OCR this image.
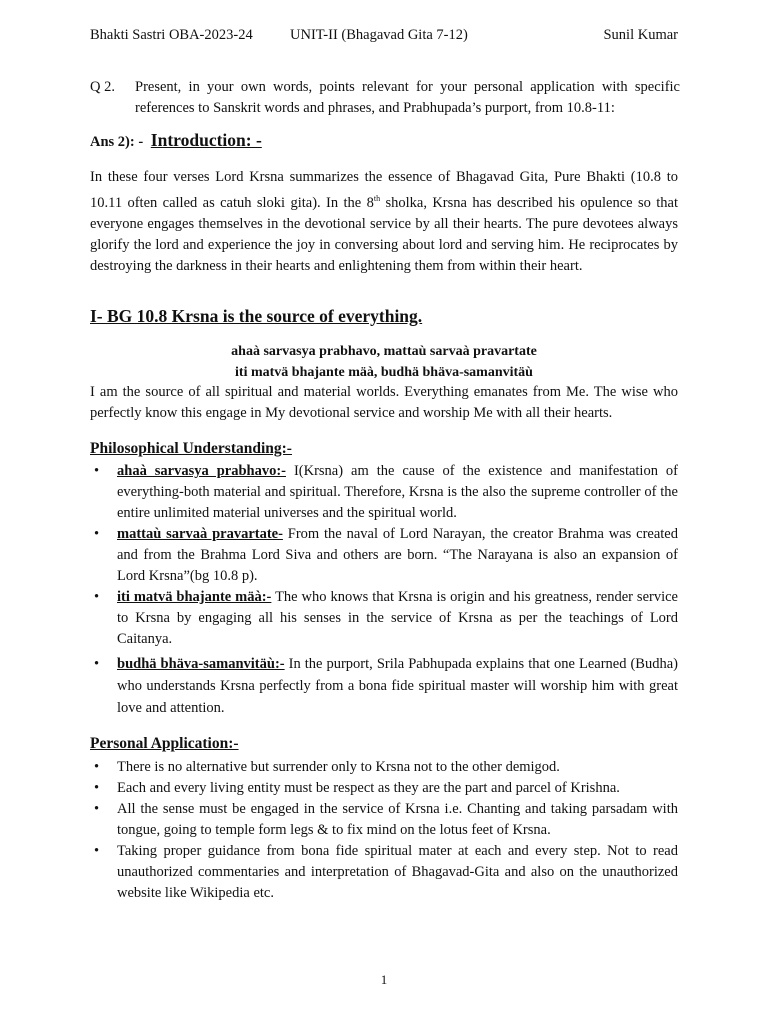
Bhakti Sastri OBA-2023-24	UNIT-II (Bhagavad Gita 7-12)	Sunil Kumar
Q 2. Present, in your own words, points relevant for your personal application with specific references to Sanskrit words and phrases, and Prabhupada’s purport, from 10.8-11:
Ans 2): - Introduction: -
In these four verses Lord Krsna summarizes the essence of Bhagavad Gita, Pure Bhakti (10.8 to 10.11 often called as catuh sloki gita). In the 8th sholka, Krsna has described his opulence so that everyone engages themselves in the devotional service by all their hearts. The pure devotees always glorify the lord and experience the joy in conversing about lord and serving him. He reciprocates by destroying the darkness in their hearts and enlightening them from within their heart.
I- BG 10.8 Krsna is the source of everything.
ahaà sarvasya prabhavo, mattaù sarvaà pravartate
iti matvä bhajante mäà, budhä bhäva-samanvitäù
I am the source of all spiritual and material worlds. Everything emanates from Me. The wise who perfectly know this engage in My devotional service and worship Me with all their hearts.
Philosophical Understanding:-
• ahaà sarvasya prabhavo:- I(Krsna) am the cause of the existence and manifestation of everything-both material and spiritual. Therefore, Krsna is the also the supreme controller of the entire unlimited material universes and the spiritual world.
• mattaù sarvaà pravartate- From the naval of Lord Narayan, the creator Brahma was created and from the Brahma Lord Siva and others are born. “The Narayana is also an expansion of Lord Krsna”(bg 10.8 p).
• iti matvä bhajante mäà:- The who knows that Krsna is origin and his greatness, render service to Krsna by engaging all his senses in the service of Krsna as per the teachings of Lord Caitanya.
• budhä bhäva-samanvitäù:- In the purport, Srila Pabhupada explains that one Learned (Budha) who understands Krsna perfectly from a bona fide spiritual master will worship him with great love and attention.
Personal Application:-
• There is no alternative but surrender only to Krsna not to the other demigod.
• Each and every living entity must be respect as they are the part and parcel of Krishna.
• All the sense must be engaged in the service of Krsna i.e. Chanting and taking parsadam with tongue, going to temple form legs & to fix mind on the lotus feet of Krsna.
• Taking proper guidance from bona fide spiritual mater at each and every step. Not to read unauthorized commentaries and interpretation of Bhagavad-Gita and also on the unauthorized website like Wikipedia etc.
1
